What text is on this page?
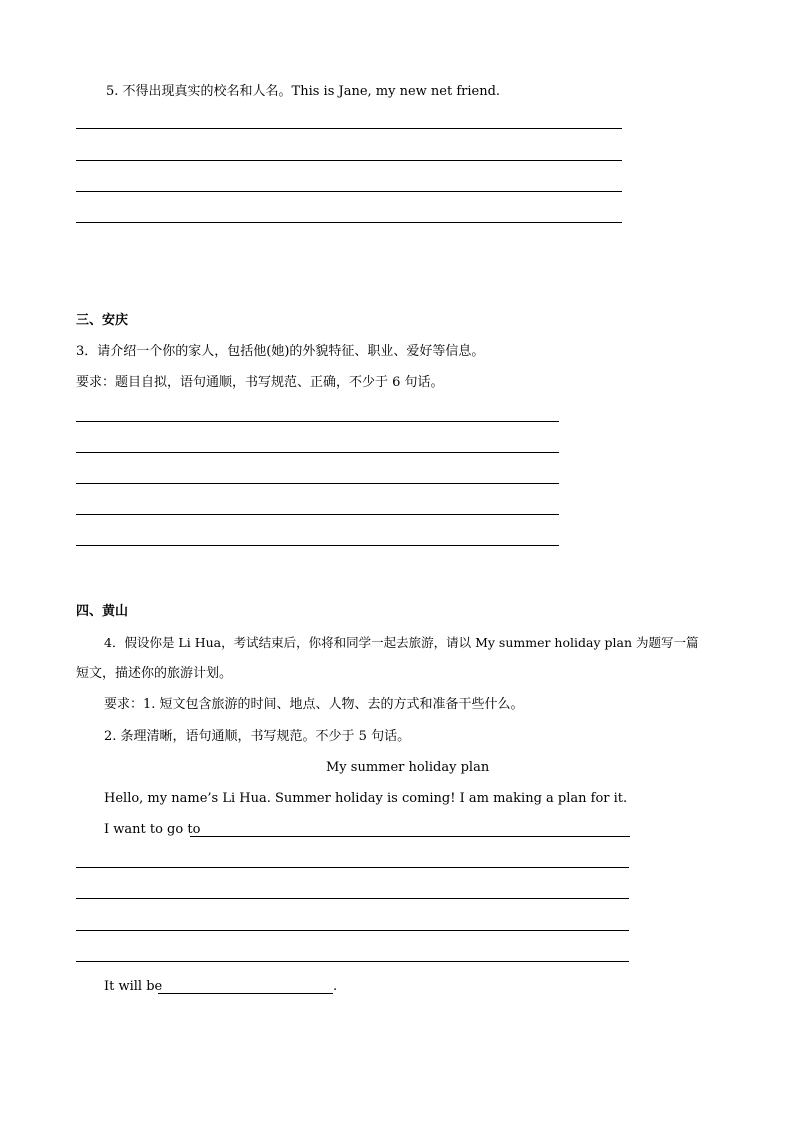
5. 不得出现真实的校名和人名。This is Jane, my new net friend.
三、安庆
3．请介绍一个你的家人，包括他(她)的外貌特征、职业、爱好等信息。
要求：题目自拟，语句通顺，书写规范、正确，不少于 6 句话。
四、黄山
4．假设你是 Li Hua，考试结束后，你将和同学一起去旅游，请以 My summer holiday plan 为题写一篇
短文，描述你的旅游计划。
要求：1. 短文包含旅游的时间、地点、人物、去的方式和准备干些什么。
2. 条理清晰，语句通顺，书写规范。不少于 5 句话。
My summer holiday plan
Hello, my name’s Li Hua. Summer holiday is coming! I am making a plan for it.
I want to go to
It will be	.
